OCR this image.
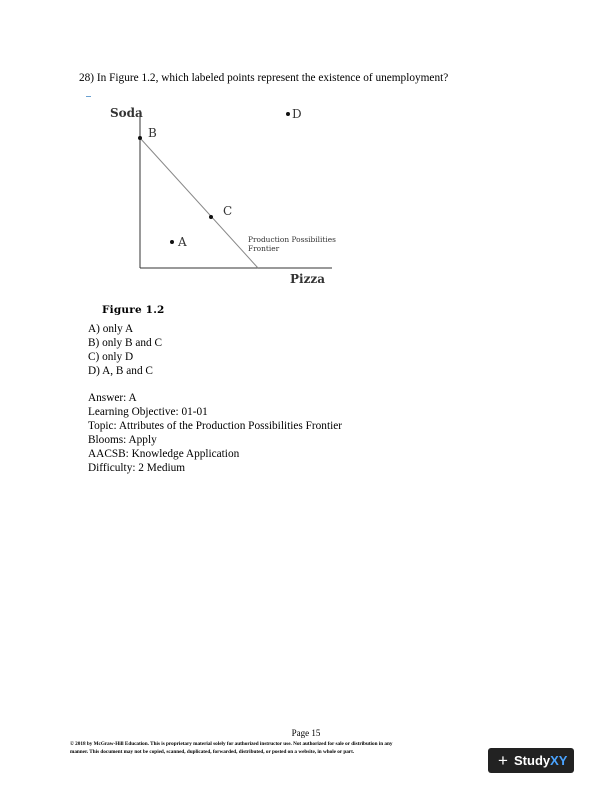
28) In Figure 1.2, which labeled points represent the existence of unemployment?
Soda
Pizza
B
C
A
D
Production Possibilities
Frontier
Figure 1.2
A) only A
B) only B and C
C) only D
D) A, B and C
Answer: A
Learning Objective: 01-01
Topic: Attributes of the Production Possibilities Frontier
Blooms: Apply
AACSB: Knowledge Application
Difficulty: 2 Medium
Page 15
© 2018 by McGraw-Hill Education. This is proprietary material solely for authorized instructor use. Not authorized for sale or distribution in any
manner. This document may not be copied, scanned, duplicated, forwarded, distributed, or posted on a website, in whole or part.	+ Study XY
